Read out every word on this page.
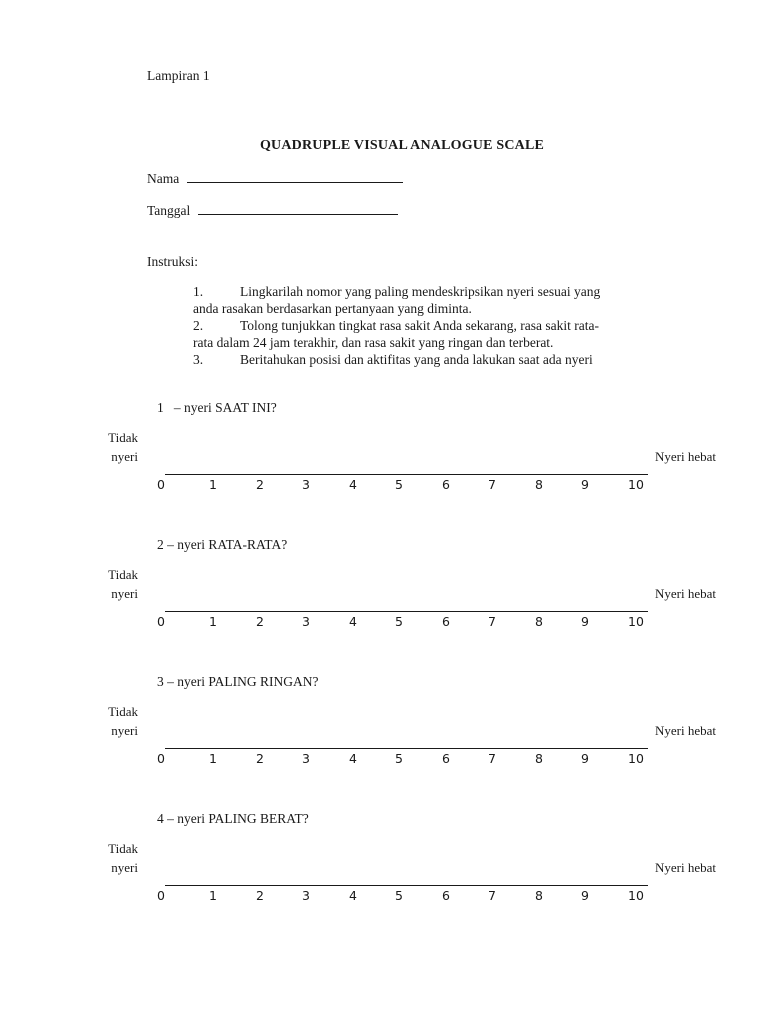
Lampiran 1
QUADRUPLE VISUAL ANALOGUE SCALE
Nama
Tanggal
Instruksi:
1.	Lingkarilah nomor yang paling mendeskripsikan nyeri sesuai yang
anda rasakan berdasarkan pertanyaan yang diminta.
2.	Tolong tunjukkan tingkat rasa sakit Anda sekarang, rasa sakit rata-
rata dalam 24 jam terakhir, dan rasa sakit yang ringan dan terberat.
3.	Beritahukan posisi dan aktifitas yang anda lakukan saat ada nyeri
1   – nyeri SAAT INI?
Tidak
nyeri	Nyeri hebat
0	1	2	3	4	5	6	7	8	9	10
2 – nyeri RATA-RATA?
Tidak
nyeri	Nyeri hebat
0	1	2	3	4	5	6	7	8	9	10
3 – nyeri PALING RINGAN?
Tidak
nyeri	Nyeri hebat
0	1	2	3	4	5	6	7	8	9	10
4 – nyeri PALING BERAT?
Tidak
nyeri	Nyeri hebat
0	1	2	3	4	5	6	7	8	9	10
